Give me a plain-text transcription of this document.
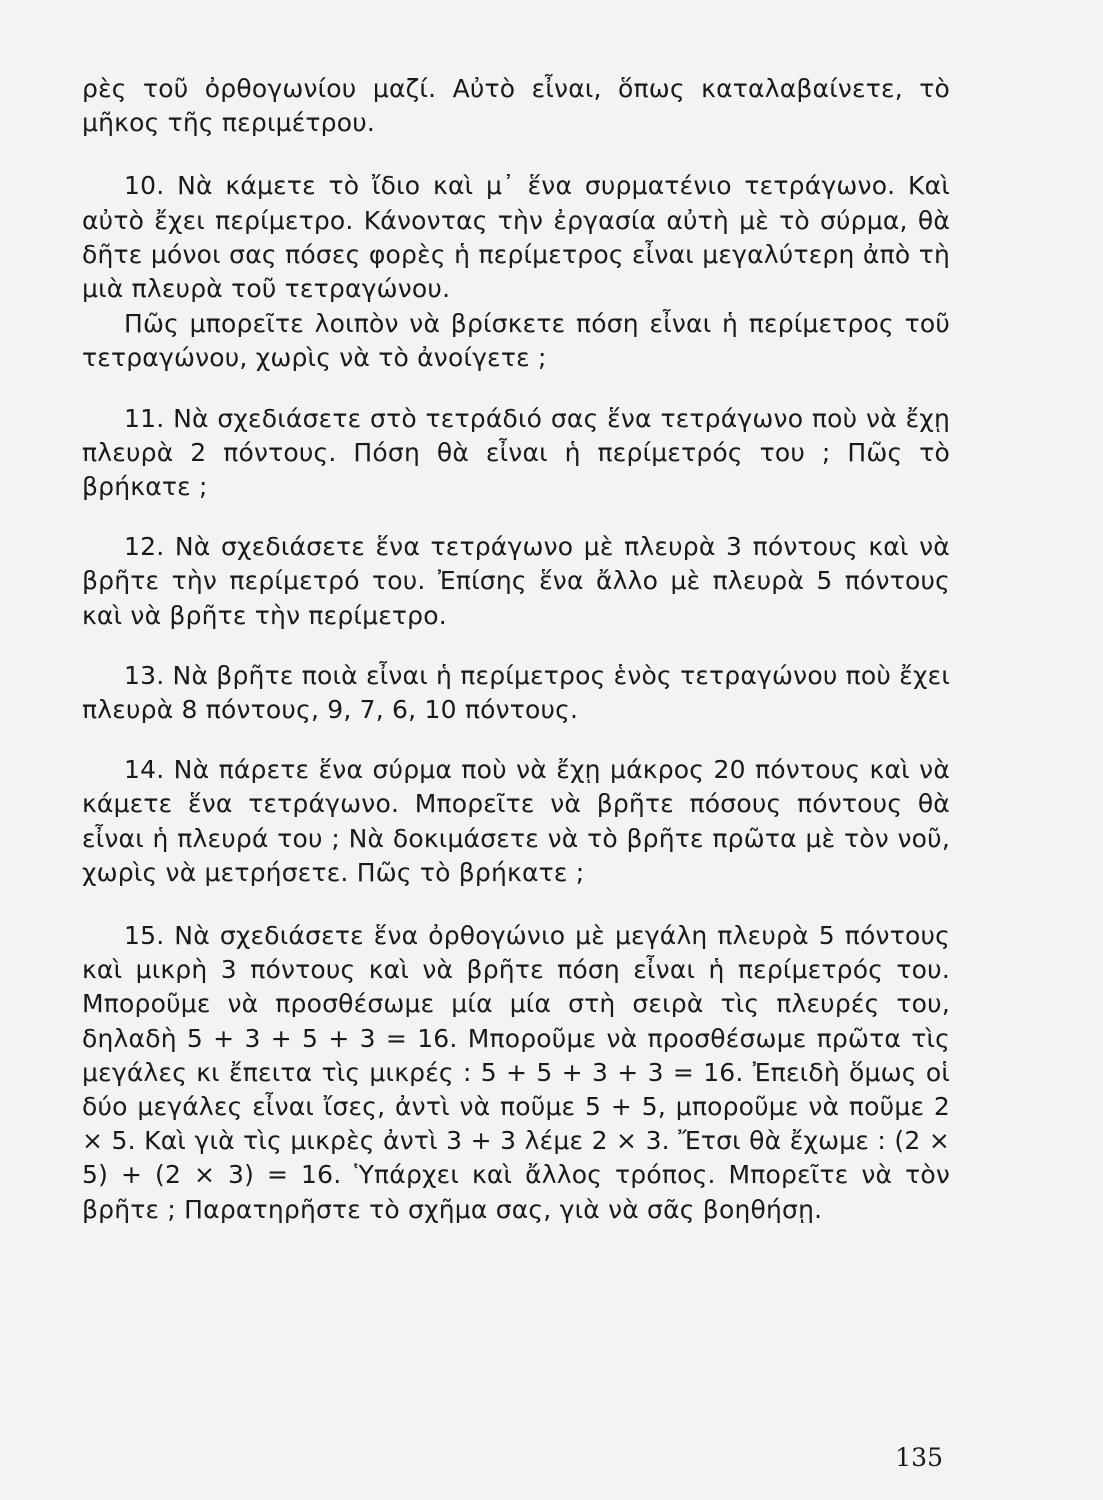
ρὲς τοῦ ὀρθογωνίου μαζί. Αὐτὸ εἶναι, ὅπως καταλαβαίνετε, τὸ μῆκος τῆς περιμέτρου.

10. Νὰ κάμετε τὸ ἴδιο καὶ μ᾽ ἕνα συρματένιο τετράγωνο. Καὶ αὐτὸ ἔχει περίμετρο. Κάνοντας τὴν ἐργασία αὐτὴ μὲ τὸ σύρμα, θὰ δῆτε μόνοι σας πόσες φορὲς ἡ περίμετρος εἶναι μεγαλύτερη ἀπὸ τὴ μιὰ πλευρὰ τοῦ τετραγώνου.

Πῶς μπορεῖτε λοιπὸν νὰ βρίσκετε πόση εἶναι ἡ περίμετρος τοῦ τετραγώνου, χωρὶς νὰ τὸ ἀνοίγετε ;

11. Νὰ σχεδιάσετε στὸ τετράδιό σας ἕνα τετράγωνο ποὺ νὰ ἔχῃ πλευρὰ 2 πόντους. Πόση θὰ εἶναι ἡ περίμετρός του ; Πῶς τὸ βρήκατε ;

12. Νὰ σχεδιάσετε ἕνα τετράγωνο μὲ πλευρὰ 3 πόντους καὶ νὰ βρῆτε τὴν περίμετρό του. Ἐπίσης ἕνα ἄλλο μὲ πλευρὰ 5 πόντους καὶ νὰ βρῆτε τὴν περίμετρο.

13. Νὰ βρῆτε ποιὰ εἶναι ἡ περίμετρος ἑνὸς τετραγώνου ποὺ ἔχει πλευρὰ 8 πόντους, 9, 7, 6, 10 πόντους.

14. Νὰ πάρετε ἕνα σύρμα ποὺ νὰ ἔχῃ μάκρος 20 πόντους καὶ νὰ κάμετε ἕνα τετράγωνο. Μπορεῖτε νὰ βρῆτε πόσους πόντους θὰ εἶναι ἡ πλευρά του ; Νὰ δοκιμάσετε νὰ τὸ βρῆτε πρῶτα μὲ τὸν νοῦ, χωρὶς νὰ μετρήσετε. Πῶς τὸ βρήκατε ;

15. Νὰ σχεδιάσετε ἕνα ὀρθογώνιο μὲ μεγάλη πλευρὰ 5 πόντους καὶ μικρὴ 3 πόντους καὶ νὰ βρῆτε πόση εἶναι ἡ περίμετρός του. Μποροῦμε νὰ προσθέσωμε μία μία στὴ σειρὰ τὶς πλευρές του, δηλαδὴ 5 + 3 + 5 + 3 = 16. Μποροῦμε νὰ προσθέσωμε πρῶτα τὶς μεγάλες κι ἔπειτα τὶς μικρές : 5 + 5 + 3 + 3 = 16. Ἐπειδὴ ὅμως οἱ δύο μεγάλες εἶναι ἴσες, ἀντὶ νὰ ποῦμε 5 + 5, μποροῦμε νὰ ποῦμε 2 × 5. Καὶ γιὰ τὶς μικρὲς ἀντὶ 3 + 3 λέμε 2 × 3. Ἔτσι θὰ ἔχωμε : (2 × 5) + (2 × 3) = 16. Ὑπάρχει καὶ ἄλλος τρόπος. Μπορεῖτε νὰ τὸν βρῆτε ; Παρατηρῆστε τὸ σχῆμα σας, γιὰ νὰ σᾶς βοηθήσῃ.

135
